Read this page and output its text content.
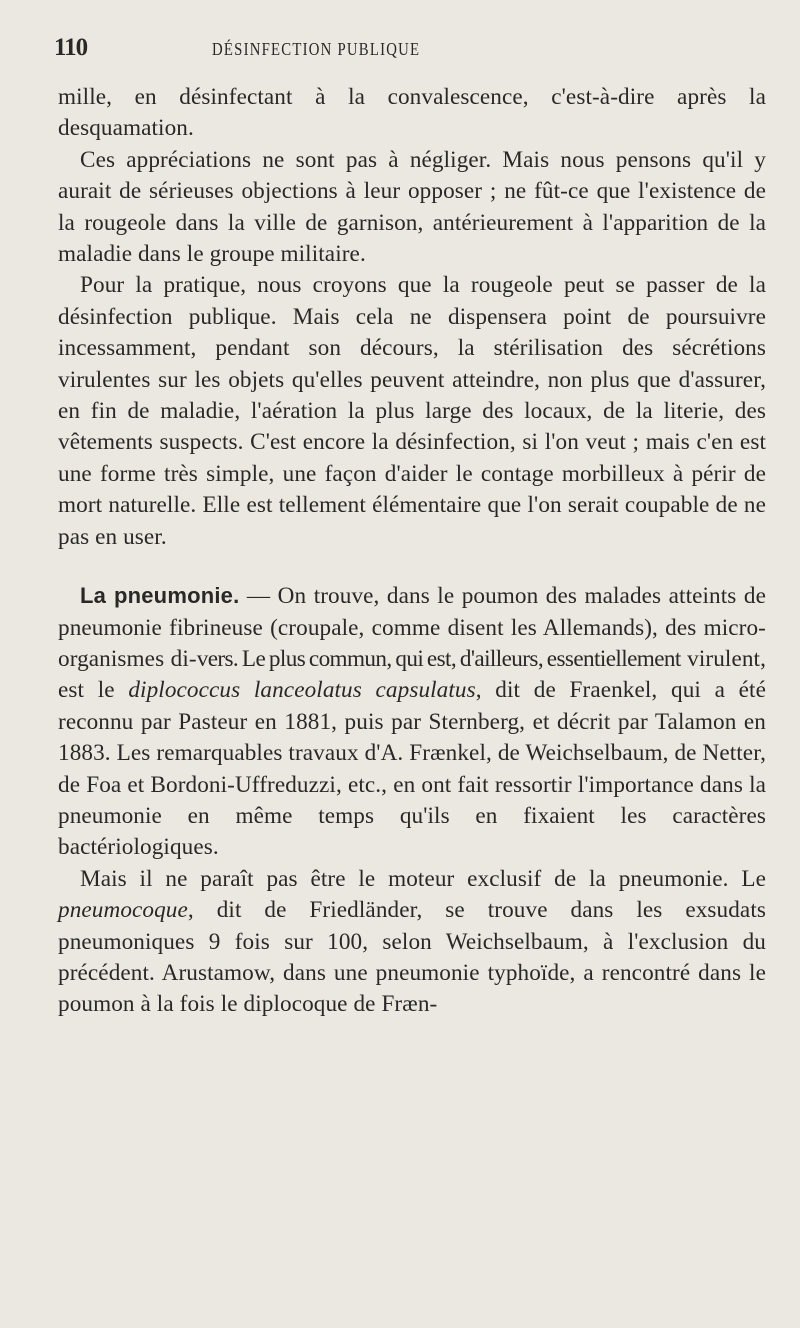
110	DÉSINFECTION PUBLIQUE

mille, en désinfectant à la convalescence, c'est-à-dire après la desquamation.

Ces appréciations ne sont pas à négliger. Mais nous pensons qu'il y aurait de sérieuses objections à leur opposer ; ne fût-ce que l'existence de la rougeole dans la ville de garnison, antérieurement à l'apparition de la maladie dans le groupe militaire.

Pour la pratique, nous croyons que la rougeole peut se passer de la désinfection publique. Mais cela ne dispensera point de poursuivre incessamment, pendant son décours, la stérilisation des sécrétions virulentes sur les objets qu'elles peuvent atteindre, non plus que d'assurer, en fin de maladie, l'aération la plus large des locaux, de la literie, des vêtements suspects. C'est encore la désinfection, si l'on veut ; mais c'en est une forme très simple, une façon d'aider le contage morbilleux à périr de mort naturelle. Elle est tellement élémentaire que l'on serait coupable de ne pas en user.

La pneumonie. — On trouve, dans le poumon des malades atteints de pneumonie fibrineuse (croupale, comme disent les Allemands), des micro-organismes di-vers. Le plus commun, qui est, d'ailleurs, essentiellement virulent, est le diplococcus lanceolatus capsulatus, dit de Fraenkel, qui a été reconnu par Pasteur en 1881, puis par Sternberg, et décrit par Talamon en 1883. Les remarquables travaux d'A. Frænkel, de Weichselbaum, de Netter, de Foa et Bordoni-Uffreduzzi, etc., en ont fait ressortir l'importance dans la pneumonie en même temps qu'ils en fixaient les caractères bactériologiques.

Mais il ne paraît pas être le moteur exclusif de la pneumonie. Le pneumocoque, dit de Friedländer, se trouve dans les exsudats pneumoniques 9 fois sur 100, selon Weichselbaum, à l'exclusion du précédent. Arustamow, dans une pneumonie typhoïde, a rencontré dans le poumon à la fois le diplocoque de Fræn-
